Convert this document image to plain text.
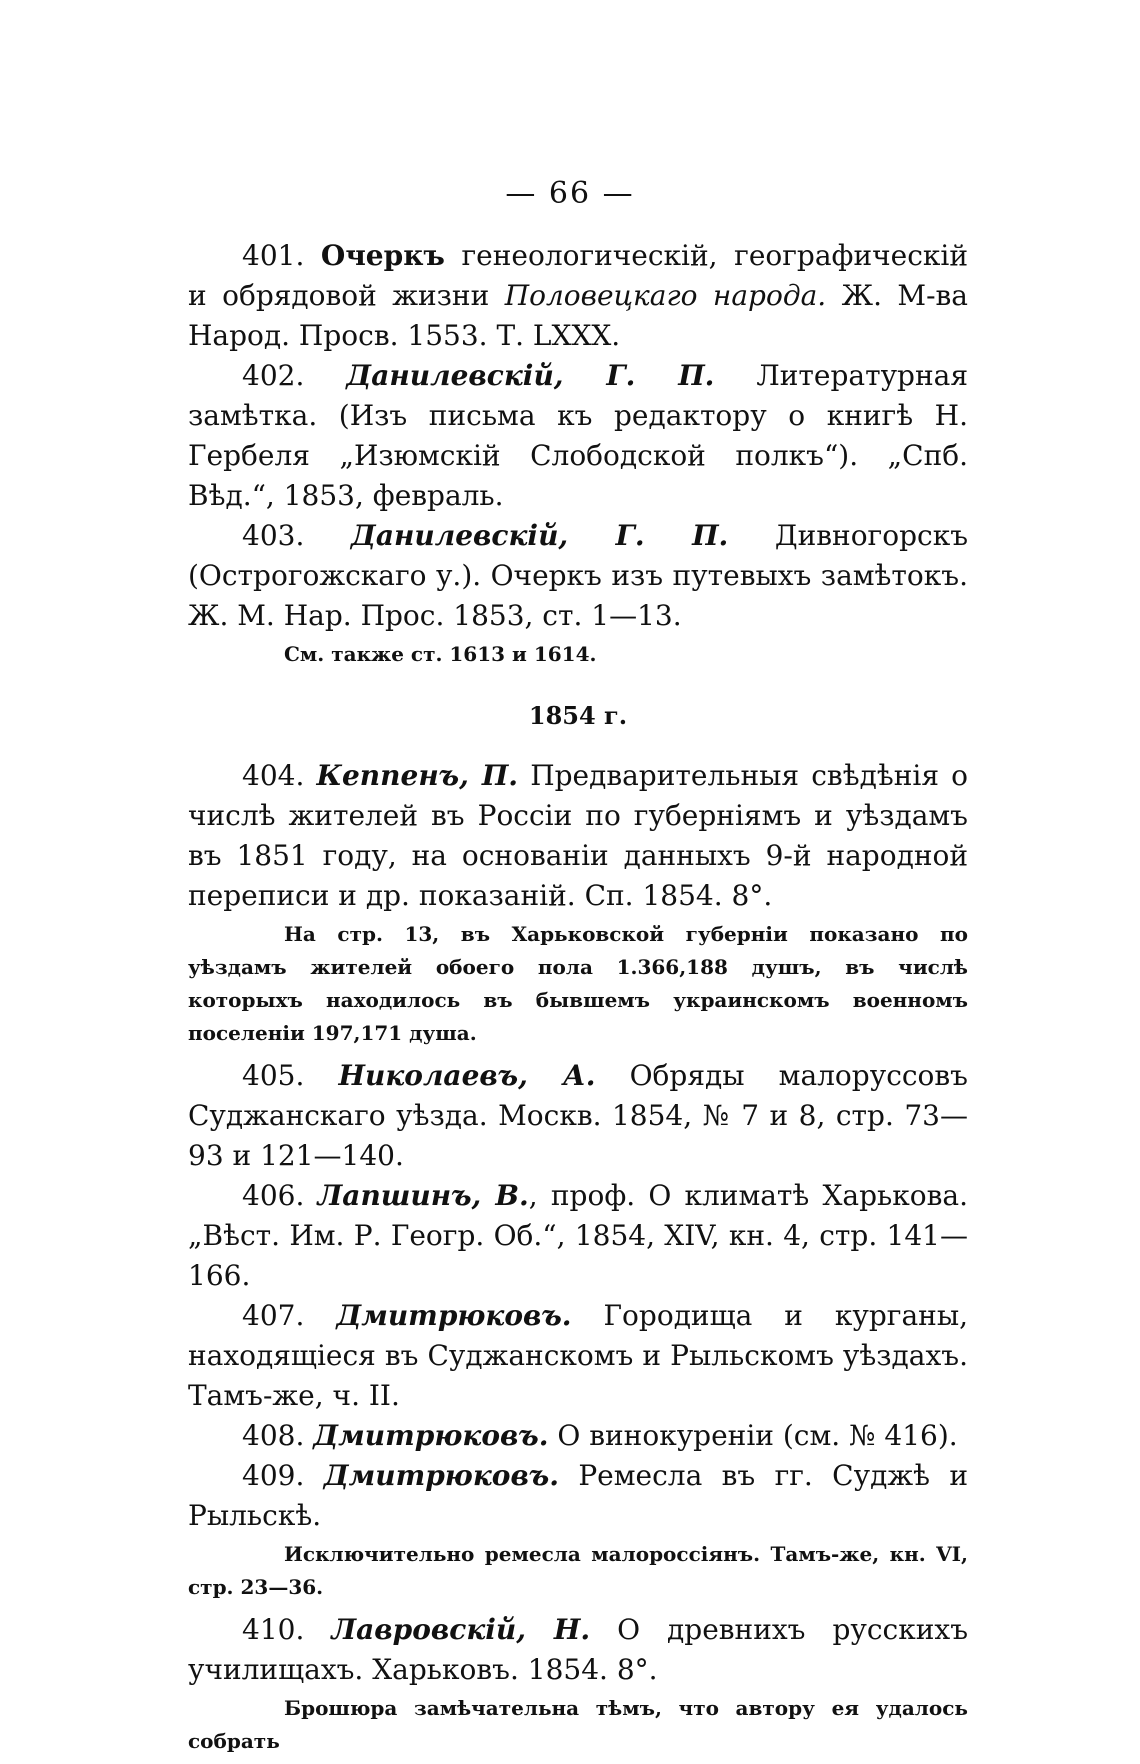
— 66 —

401. Очеркъ генеологическій, географическій и обрядовой жизни Половецкаго народа. Ж. М-ва Народ. Просв. 1553. Т. LXXX.

402. Данилевскій, Г. П. Литературная замѣтка. (Изъ письма къ редактору о книгѣ Н. Гербеля „Изюмскій Слободской полкъ“). „Спб. Вѣд.“, 1853, февраль.

403. Данилевскій, Г. П. Дивногорскъ (Острогожскаго у.). Очеркъ изъ путевыхъ замѣтокъ. Ж. М. Нар. Прос. 1853, ст. 1—13.

См. также ст. 1613 и 1614.

1854 г.

404. Кеппенъ, П. Предварительныя свѣдѣнія о числѣ жителей въ Россіи по губерніямъ и уѣздамъ въ 1851 году, на основаніи данныхъ 9-й народной переписи и др. показаній. Сп. 1854. 8°.

На стр. 13, въ Харьковской губерніи показано по уѣздамъ жителей обоего пола 1.366,188 душъ, въ числѣ которыхъ находилось въ бывшемъ украинскомъ военномъ поселеніи 197,171 душа.

405. Николаевъ, А. Обряды малоруссовъ Суджанскаго уѣзда. Москв. 1854, № 7 и 8, стр. 73—93 и 121—140.

406. Лапшинъ, В., проф. О климатѣ Харькова. „Вѣст. Им. Р. Геогр. Об.“, 1854, XIV, кн. 4, стр. 141—166.

407. Дмитрюковъ. Городища и курганы, находящіеся въ Суджанскомъ и Рыльскомъ уѣздахъ. Тамъ-же, ч. II.

408. Дмитрюковъ. О винокуреніи (см. № 416).

409. Дмитрюковъ. Ремесла въ гг. Суджѣ и Рыльскѣ.

Исключительно ремесла малороссіянъ. Тамъ-же, кн. VI, стр. 23—36.

410. Лавровскій, Н. О древнихъ русскихъ училищахъ. Харьковъ. 1854. 8°.

Брошюра замѣчательна тѣмъ, что автору ея удалось собрать
